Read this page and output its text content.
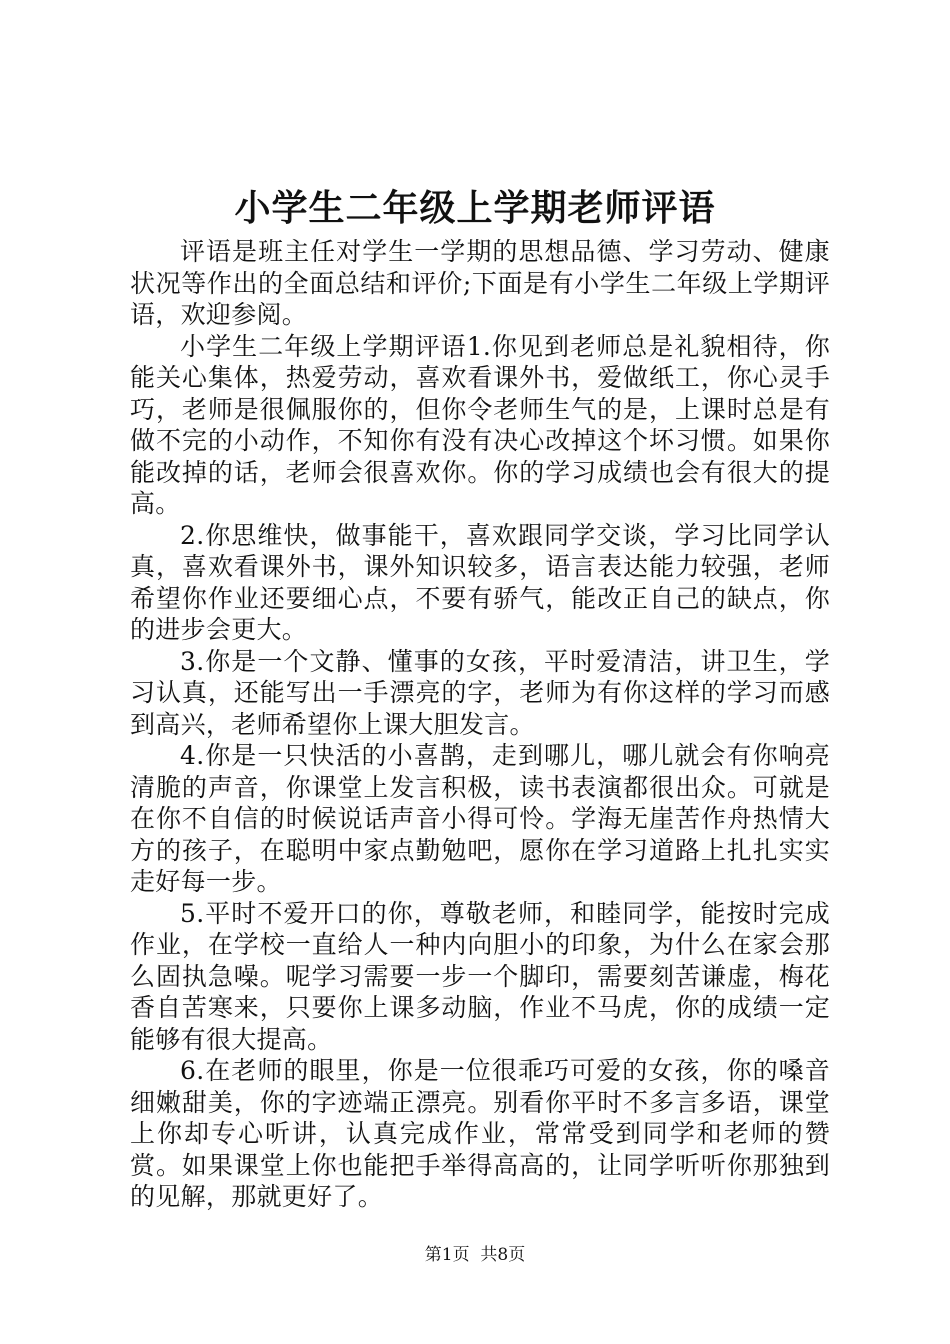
小学生二年级上学期老师评语

评语是班主任对学生一学期的思想品德、学习劳动、健康状况等作出的全面总结和评价;下面是有小学生二年级上学期评语，欢迎参阅。

小学生二年级上学期评语1.你见到老师总是礼貌相待，你能关心集体，热爱劳动，喜欢看课外书，爱做纸工，你心灵手巧，老师是很佩服你的，但你令老师生气的是，上课时总是有做不完的小动作，不知你有没有决心改掉这个坏习惯。如果你能改掉的话，老师会很喜欢你。你的学习成绩也会有很大的提高。

2.你思维快，做事能干，喜欢跟同学交谈，学习比同学认真，喜欢看课外书，课外知识较多，语言表达能力较强，老师希望你作业还要细心点，不要有骄气，能改正自己的缺点，你的进步会更大。

3.你是一个文静、懂事的女孩，平时爱清洁，讲卫生，学习认真，还能写出一手漂亮的字，老师为有你这样的学习而感到高兴，老师希望你上课大胆发言。

4.你是一只快活的小喜鹊，走到哪儿，哪儿就会有你响亮清脆的声音，你课堂上发言积极，读书表演都很出众。可就是在你不自信的时候说话声音小得可怜。学海无崖苦作舟热情大方的孩子，在聪明中家点勤勉吧，愿你在学习道路上扎扎实实走好每一步。

5.平时不爱开口的你，尊敬老师，和睦同学，能按时完成作业，在学校一直给人一种内向胆小的印象，为什么在家会那么固执急噪。呢学习需要一步一个脚印，需要刻苦谦虚，梅花香自苦寒来，只要你上课多动脑，作业不马虎，你的成绩一定能够有很大提高。

6.在老师的眼里，你是一位很乖巧可爱的女孩，你的嗓音细嫩甜美，你的字迹端正漂亮。别看你平时不多言多语，课堂上你却专心听讲，认真完成作业，常常受到同学和老师的赞赏。如果课堂上你也能把手举得高高的，让同学听听你那独到的见解，那就更好了。

第1页 共8页
